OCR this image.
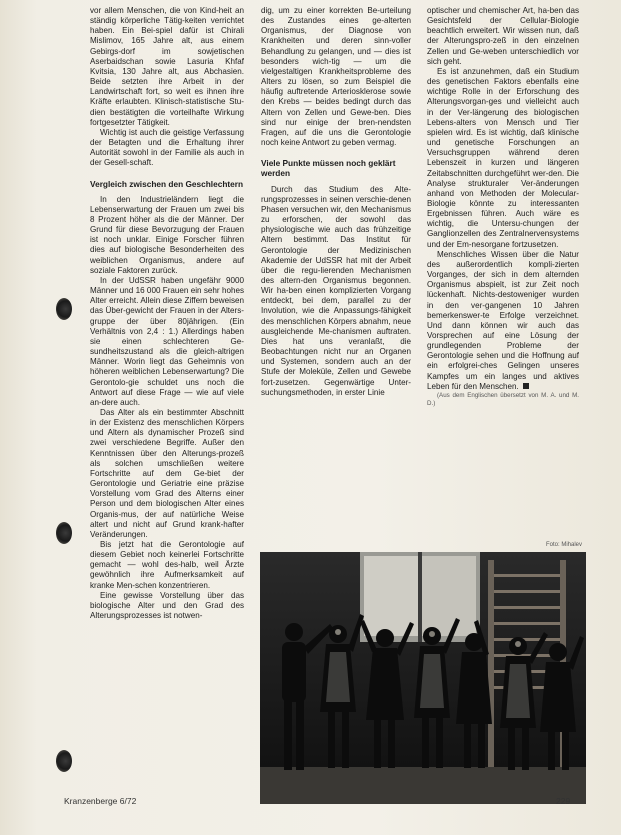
vor allem Menschen, die von Kind-heit an ständig körperliche Tätig-keiten verrichtet haben. Ein Bei-spiel dafür ist Chirali Mislimov, 165 Jahre alt, aus einem Gebirgs-dorf im sowjetischen Aserbaidschan sowie Lasuria Khfaf Kvitsia, 130 Jahre alt, aus Abchasien. Beide setzten ihre Arbeit in der Landwirtschaft fort, so weit es ihnen ihre Kräfte erlaubten. Klinisch-statistische Stu-dien bestätigten die vorteilhafte Wirkung fortgesetzter Tätigkeit.

Wichtig ist auch die geistige Verfassung der Betagten und die Erhaltung ihrer Autorität sowohl in der Familie als auch in der Gesell-schaft.

Vergleich zwischen den Geschlechtern

In den Industrieländern liegt die Lebenserwartung der Frauen um zwei bis 8 Prozent höher als die der Männer. Der Grund für diese Bevorzugung der Frauen ist noch unklar. Einige Forscher führen dies auf biologische Besonderheiten des weiblichen Organismus, andere auf soziale Faktoren zurück.

In der UdSSR haben ungefähr 9000 Männer und 16 000 Frauen ein sehr hohes Alter erreicht. Allein diese Ziffern beweisen das Über-gewicht der Frauen in der Alters-gruppe der über 80jährigen. (Ein Verhältnis von 2,4 : 1.) Allerdings haben sie einen schlechteren Ge-sundheitszustand als die gleich-altrigen Männer. Worin liegt das Geheimnis von höheren weiblichen Lebenserwartung? Die Gerontolo-gie schuldet uns noch die Antwort auf diese Frage — wie auf viele an-dere auch.

Das Alter als ein bestimmter Abschnitt in der Existenz des menschlichen Körpers und Altern als dynamischer Prozeß sind zwei verschiedene Begriffe. Außer den Kenntnissen über den Alterungs-prozeß als solchen umschließen weitere Fortschritte auf dem Ge-biet der Gerontologie und Geriatrie eine präzise Vorstellung vom Grad des Alterns einer Person und dem biologischen Alter eines Organis-mus, der auf natürliche Weise altert und nicht auf Grund krank-hafter Veränderungen.

Bis jetzt hat die Gerontologie auf diesem Gebiet noch keinerlei Fortschritte gemacht — wohl des-halb, weil Ärzte gewöhnlich ihre Aufmerksamkeit auf kranke Men-schen konzentrieren.

Eine gewisse Vorstellung über das biologische Alter und den Grad des Alterungsprozesses ist notwen-

dig, um zu einer korrekten Be-urteilung des Zustandes eines ge-alterten Organismus, der Diagnose von Krankheiten und deren sinn-voller Behandlung zu gelangen, und — dies ist besonders wich-tig — um die vielgestaltigen Krankheitsprobleme des Alters zu lösen, so zum Beispiel die häufig auftretende Arteriosklerose sowie den Krebs — beides bedingt durch das Altern von Zellen und Gewe-ben. Dies sind nur einige der bren-nendsten Fragen, auf die uns die Gerontologie noch keine Antwort zu geben vermag.

Viele Punkte müssen noch geklärt werden

Durch das Studium des Alte-rungsprozesses in seinen verschie-denen Phasen versuchen wir, den Mechanismus zu erforschen, der sowohl das physiologische wie auch das frühzeitige Altern bestimmt. Das Institut für Gerontologie der Medizinischen Akademie der UdSSR hat mit der Arbeit über die regu-lierenden Mechanismen des altern-den Organismus begonnen. Wir ha-ben einen komplizierten Vorgang entdeckt, bei dem, parallel zu der Involution, wie die Anpassungs-fähigkeit des menschlichen Körpers abnahm, neue ausgleichende Me-chanismen auftraten. Dies hat uns veranlaßt, die Beobachtungen nicht nur an Organen und Systemen, sondern auch an der Stufe der Moleküle, Zellen und Gewebe fort-zusetzen. Gegenwärtige Unter-suchungsmethoden, in erster Linie

optischer und chemischer Art, ha-ben das Gesichtsfeld der Cellular-Biologie beachtlich erweitert. Wir wissen nun, daß der Alterungspro-zeß in den einzelnen Zellen und Ge-weben unterschiedlich vor sich geht.

Es ist anzunehmen, daß ein Studium des genetischen Faktors ebenfalls eine wichtige Rolle in der Erforschung des Alterungsvorgan-ges und vielleicht auch in der Ver-längerung des biologischen Lebens-alters von Mensch und Tier spielen wird. Es ist wichtig, daß klinische und genetische Forschungen an Versuchsgruppen während deren Lebenszeit in kurzen und längeren Zeitabschnitten durchgeführt wer-den. Die Analyse strukturaler Ver-änderungen anhand von Methoden der Molecular-Biologie könnte zu interessanten Ergebnissen führen. Auch wäre es wichtig, die Untersu-chungen der Ganglionzellen des Zentralnervensystems und der Em-nesorgane fortzusetzen.

Menschliches Wissen über die Natur des außerordentlich kompli-zierten Vorganges, der sich in dem alternden Organismus abspielt, ist zur Zeit noch lückenhaft. Nichts-destoweniger wurden in den ver-gangenen 10 Jahren bemerkenswer-te Erfolge verzeichnet. Und dann können wir auch das Vorsprechen auf eine Lösung der grundlegenden Probleme der Gerontologie sehen und die Hoffnung auf ein erfolgrei-ches Gelingen unseres Kampfes um ein langes und aktives Leben für den Menschen.

(Aus dem Englischen übersetzt von M. A. und M. D.)

Foto: Mihalev
Kranzenberge 6/72	229
